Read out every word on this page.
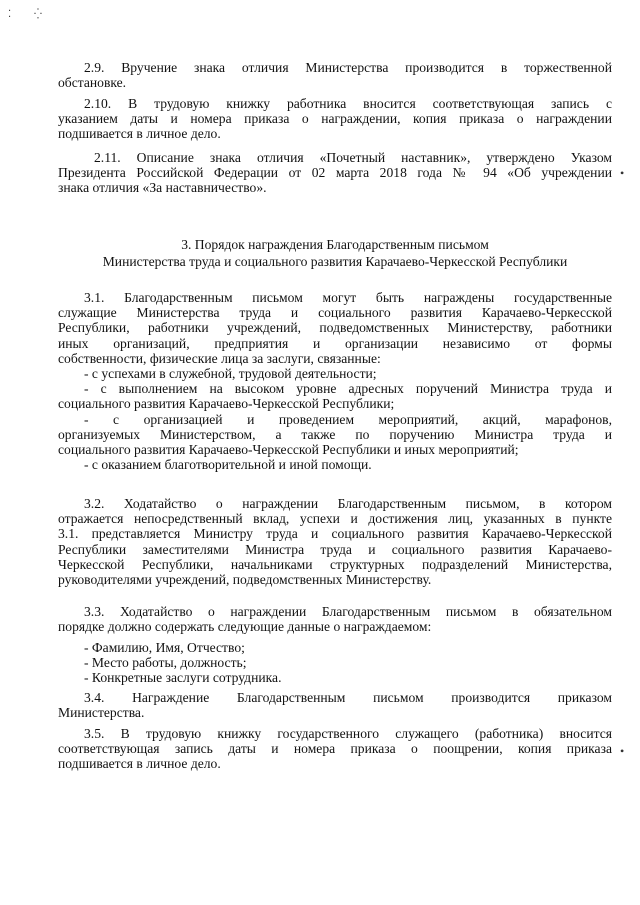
⁚ ⁛
2.9. Вручение знака отличия Министерства производится в торжественной
обстановке.
2.10. В трудовую книжку работника вносится соответствующая запись с
указанием даты и номера приказа о награждении, копия приказа о награждении
подшивается в личное дело.
2.11. Описание знака отличия «Почетный наставник», утверждено Указом
Президента Российской Федерации от 02 марта 2018 года № 94 «Об учреждении
знака отличия «За наставничество».
•
3. Порядок награждения Благодарственным письмом
Министерства труда и социального развития Карачаево-Черкесской Республики
3.1. Благодарственным письмом могут быть награждены государственные
служащие Министерства труда и социального развития Карачаево-Черкесской
Республики, работники учреждений, подведомственных Министерству, работники
иных организаций, предприятия и организации независимо от формы
собственности, физические лица за заслуги, связанные:
- с успехами в служебной, трудовой деятельности;
- с выполнением на высоком уровне адресных поручений Министра труда и
социального развития Карачаево-Черкесской Республики;
- с организацией и проведением мероприятий, акций, марафонов,
организуемых Министерством, а также по поручению Министра труда и
социального развития Карачаево-Черкесской Республики и иных мероприятий;
- с оказанием благотворительной и иной помощи.
3.2. Ходатайство о награждении Благодарственным письмом, в котором
отражается непосредственный вклад, успехи и достижения лиц, указанных в пункте
3.1. представляется Министру труда и социального развития Карачаево-Черкесской
Республики заместителями Министра труда и социального развития Карачаево-
Черкесской Республики, начальниками структурных подразделений Министерства,
руководителями учреждений, подведомственных Министерству.
3.3. Ходатайство о награждении Благодарственным письмом в обязательном
порядке должно содержать следующие данные о награждаемом:
- Фамилию, Имя, Отчество;
- Место работы, должность;
- Конкретные заслуги сотрудника.
3.4. Награждение Благодарственным письмом производится приказом
Министерства.
3.5. В трудовую книжку государственного служащего (работника) вносится
соответствующая запись даты и номера приказа о поощрении, копия приказа
подшивается в личное дело.
•
